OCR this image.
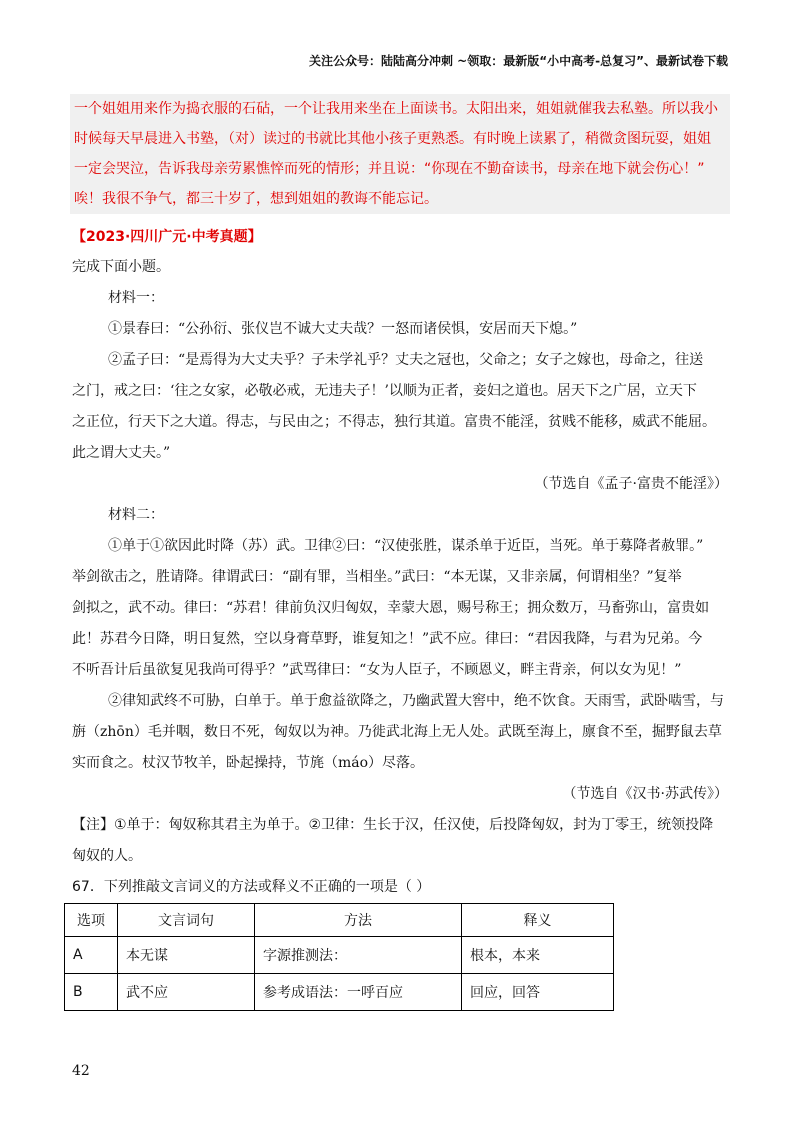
关注公众号：陆陆高分冲刺 ~领取：最新版“小中高考-总复习”、最新试卷下载

一个姐姐用来作为捣衣服的石砧，一个让我用来坐在上面读书。太阳出来，姐姐就催我去私塾。所以我小

时候每天早晨进入书塾，（对）读过的书就比其他小孩子更熟悉。有时晚上读累了，稍微贪图玩耍，姐姐

一定会哭泣，告诉我母亲劳累憔悴而死的情形；并且说：“你现在不勤奋读书，母亲在地下就会伤心！”

唉！我很不争气，都三十岁了，想到姐姐的教诲不能忘记。

【2023·四川广元·中考真题】

完成下面小题。

材料一：

①景春曰：“公孙衍、张仪岂不诚大丈夫哉？一怒而诸侯惧，安居而天下熄。”

②孟子曰：“是焉得为大丈夫乎？子未学礼乎？丈夫之冠也，父命之；女子之嫁也，母命之，往送

之门，戒之曰：‘往之女家，必敬必戒，无违夫子！’以顺为正者，妾妇之道也。居天下之广居，立天下

之正位，行天下之大道。得志，与民由之；不得志，独行其道。富贵不能淫，贫贱不能移，威武不能屈。

此之谓大丈夫。”

（节选自《孟子·富贵不能淫》）

材料二：

①单于①欲因此时降（苏）武。卫律②曰：“汉使张胜，谋杀单于近臣，当死。单于募降者赦罪。”

举剑欲击之，胜请降。律谓武曰：“副有罪，当相坐。”武曰：“本无谋，又非亲属，何谓相坐？”复举

剑拟之，武不动。律曰：“苏君！律前负汉归匈奴，幸蒙大恩，赐号称王；拥众数万，马畜弥山，富贵如

此！苏君今日降，明日复然，空以身膏草野，谁复知之！”武不应。律曰：“君因我降，与君为兄弟。今

不听吾计后虽欲复见我尚可得乎？”武骂律曰：“女为人臣子，不顾恩义，畔主背亲，何以女为见！”

②律知武终不可胁，白单于。单于愈益欲降之，乃幽武置大窖中，绝不饮食。天雨雪，武卧啮雪，与

旃（zhōn）毛并咽，数日不死，匈奴以为神。乃徙武北海上无人处。武既至海上，廪食不至，掘野鼠去草

实而食之。杖汉节牧羊，卧起操持，节旄（máo）尽落。

（节选自《汉书·苏武传》）

【注】①单于：匈奴称其君主为单于。②卫律：生长于汉，任汉使，后投降匈奴，封为丁零王，统领投降

匈奴的人。

67．下列推敲文言词义的方法或释义不正确的一项是（ ）
选项	文言词句	方法	释义
A	本无谋	字源推测法：	根本，本来
B	武不应	参考成语法：一呼百应	回应，回答
42
